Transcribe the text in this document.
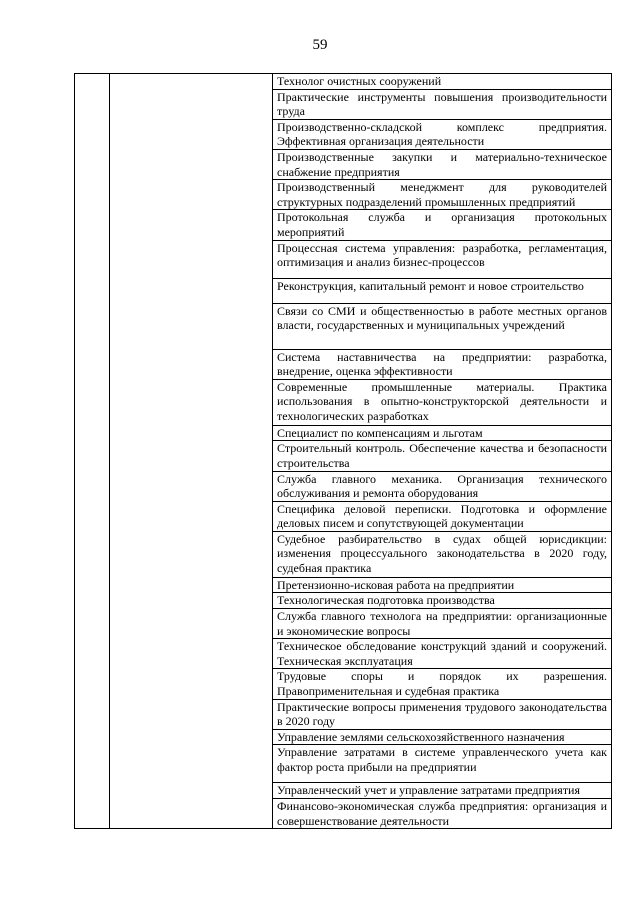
59
		Технолог очистных сооружений
Практические инструменты повышения производительности труда
Производственно-складской комплекс предприятия. Эффективная организация деятельности
Производственные закупки и материально-техническое снабжение предприятия
Производственный менеджмент для руководителей структурных подразделений промышленных предприятий
Протокольная служба и организация протокольных мероприятий
Процессная система управления: разработка, регламентация, оптимизация и анализ бизнес-процессов
Реконструкция, капитальный ремонт и новое строительство
Связи со СМИ и общественностью в работе местных органов власти, государственных и муниципальных учреждений
Система наставничества на предприятии: разработка, внедрение, оценка эффективности
Современные промышленные материалы. Практика использования в опытно-конструкторской деятельности и технологических разработках
Специалист по компенсациям и льготам
Строительный контроль. Обеспечение качества и безопасности строительства
Служба главного механика. Организация технического обслуживания и ремонта оборудования
Специфика деловой переписки. Подготовка и оформление деловых писем и сопутствующей документации
Судебное разбирательство в судах общей юрисдикции: изменения процессуального законодательства в 2020 году, судебная практика
Претензионно-исковая работа на предприятии
Технологическая подготовка производства
Служба главного технолога на предприятии: организационные и экономические вопросы
Техническое обследование конструкций зданий и сооружений. Техническая эксплуатация
Трудовые споры и порядок их разрешения. Правоприменительная и судебная практика
Практические вопросы применения трудового законодательства в 2020 году
Управление землями сельскохозяйственного назначения
Управление затратами в системе управленческого учета как фактор роста прибыли на предприятии
Управленческий учет и управление затратами предприятия
Финансово-экономическая служба предприятия: организация и совершенствование деятельности
